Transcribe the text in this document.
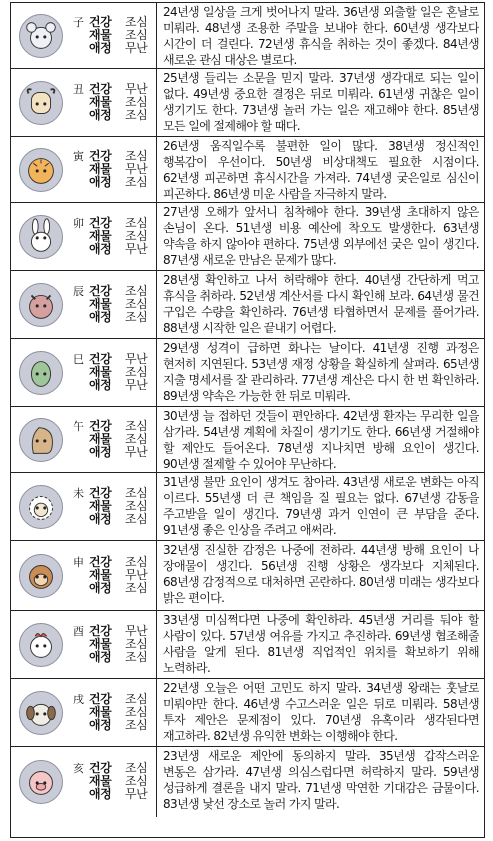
子 건강
재물
애정
조심
조심
무난
24년생 일상을 크게 벗어나지 말라. 36년생 외출할 일은 혼날로 미뤄라. 48년생 조용한 주말을 보내야 한다. 60년생 생각보다 시간이 더 걸린다. 72년생 휴식을 취하는 것이 좋겠다. 84년생 새로운 관심 대상은 별로다.
丑 건강
재물
애정
무난
조심
조심
25년생 들리는 소문을 믿지 말라. 37년생 생각대로 되는 일이 없다. 49년생 중요한 결정은 뒤로 미뤄라. 61년생 귀찮은 일이 생기기도 한다. 73년생 놀러 가는 일은 재고해야 한다. 85년생 모든 일에 절제해야 할 때다.
寅 건강
재물
애정
조심
무난
조심
26년생 움직일수록 불편한 일이 많다. 38년생 정신적인 행복감이 우선이다. 50년생 비상대책도 필요한 시점이다. 62년생 피곤하면 휴식시간을 가져라. 74년생 궂은일로 심신이 피곤하다. 86년생 미운 사람을 자극하지 말라.
卯 건강
재물
애정
조심
조심
무난
27년생 오해가 앞서니 침착해야 한다. 39년생 초대하지 않은 손님이 온다. 51년생 비용 예산에 착오도 발생한다. 63년생 약속을 하지 않아야 편하다. 75년생 외부에선 궂은 일이 생긴다. 87년생 새로운 만남은 문제가 많다.
辰 건강
재물
애정
조심
조심
조심
28년생 확인하고 나서 허락해야 한다. 40년생 간단하게 먹고 휴식을 취하라. 52년생 계산서를 다시 확인해 보라. 64년생 물건 구입은 수량을 확인하라. 76년생 타협하면서 문제를 풀어가라. 88년생 시작한 일은 끝내기 어렵다.
巳 건강
재물
애정
무난
조심
무난
29년생 성격이 급하면 화나는 날이다. 41년생 진행 과정은 현저히 지연된다. 53년생 재정 상황을 확실하게 살펴라. 65년생 지출 명세서를 잘 관리하라. 77년생 계산은 다시 한 번 확인하라. 89년생 약속은 가능한 한 뒤로 미뤄라.
午 건강
재물
애정
조심
조심
무난
30년생 늘 접하던 것들이 편안하다. 42년생 환자는 무리한 일을 삼가라. 54년생 계획에 차질이 생기기도 한다. 66년생 거절해야 할 제안도 들어온다. 78년생 지나치면 방해 요인이 생긴다. 90년생 절제할 수 있어야 무난하다.
未 건강
재물
애정
조심
조심
조심
31년생 불만 요인이 생겨도 참아라. 43년생 새로운 변화는 아직 이르다. 55년생 더 큰 책임을 질 필요는 없다. 67년생 감동을 주고받을 일이 생긴다. 79년생 과거 인연이 큰 부담을 준다. 91년생 좋은 인상을 주려고 애써라.
申 건강
재물
애정
조심
무난
조심
32년생 진실한 감정은 나중에 전하라. 44년생 방해 요인이 나 장애물이 생긴다. 56년생 진행 상황은 생각보다 지체된다. 68년생 감정적으로 대처하면 곤란하다. 80년생 미래는 생각보다 밝은 편이다.
酉 건강
재물
애정
무난
조심
조심
33년생 미심쩍다면 나중에 확인하라. 45년생 거리를 둬야 할 사람이 있다. 57년생 여유를 가지고 추진하라. 69년생 협조해줄 사람을 알게 된다. 81년생 직업적인 위치를 확보하기 위해 노력하라.
戌 건강
재물
애정
조심
조심
조심
22년생 오늘은 어떤 고민도 하지 말라. 34년생 왕래는 훗날로 미뤄야만 한다. 46년생 수고스러운 일은 뒤로 미뤄라. 58년생 투자 제안은 문제점이 있다. 70년생 유혹이라 생각된다면 재고하라. 82년생 유익한 변화는 이행해야 한다.
亥 건강
재물
애정
조심
조심
무난
23년생 새로운 제안에 동의하지 말라. 35년생 갑작스러운 변동은 삼가라. 47년생 의심스럽다면 허락하지 말라. 59년생 성급하게 결론을 내지 말라. 71년생 막연한 기대감은 금물이다. 83년생 낯선 장소로 놀러 가지 말라.
